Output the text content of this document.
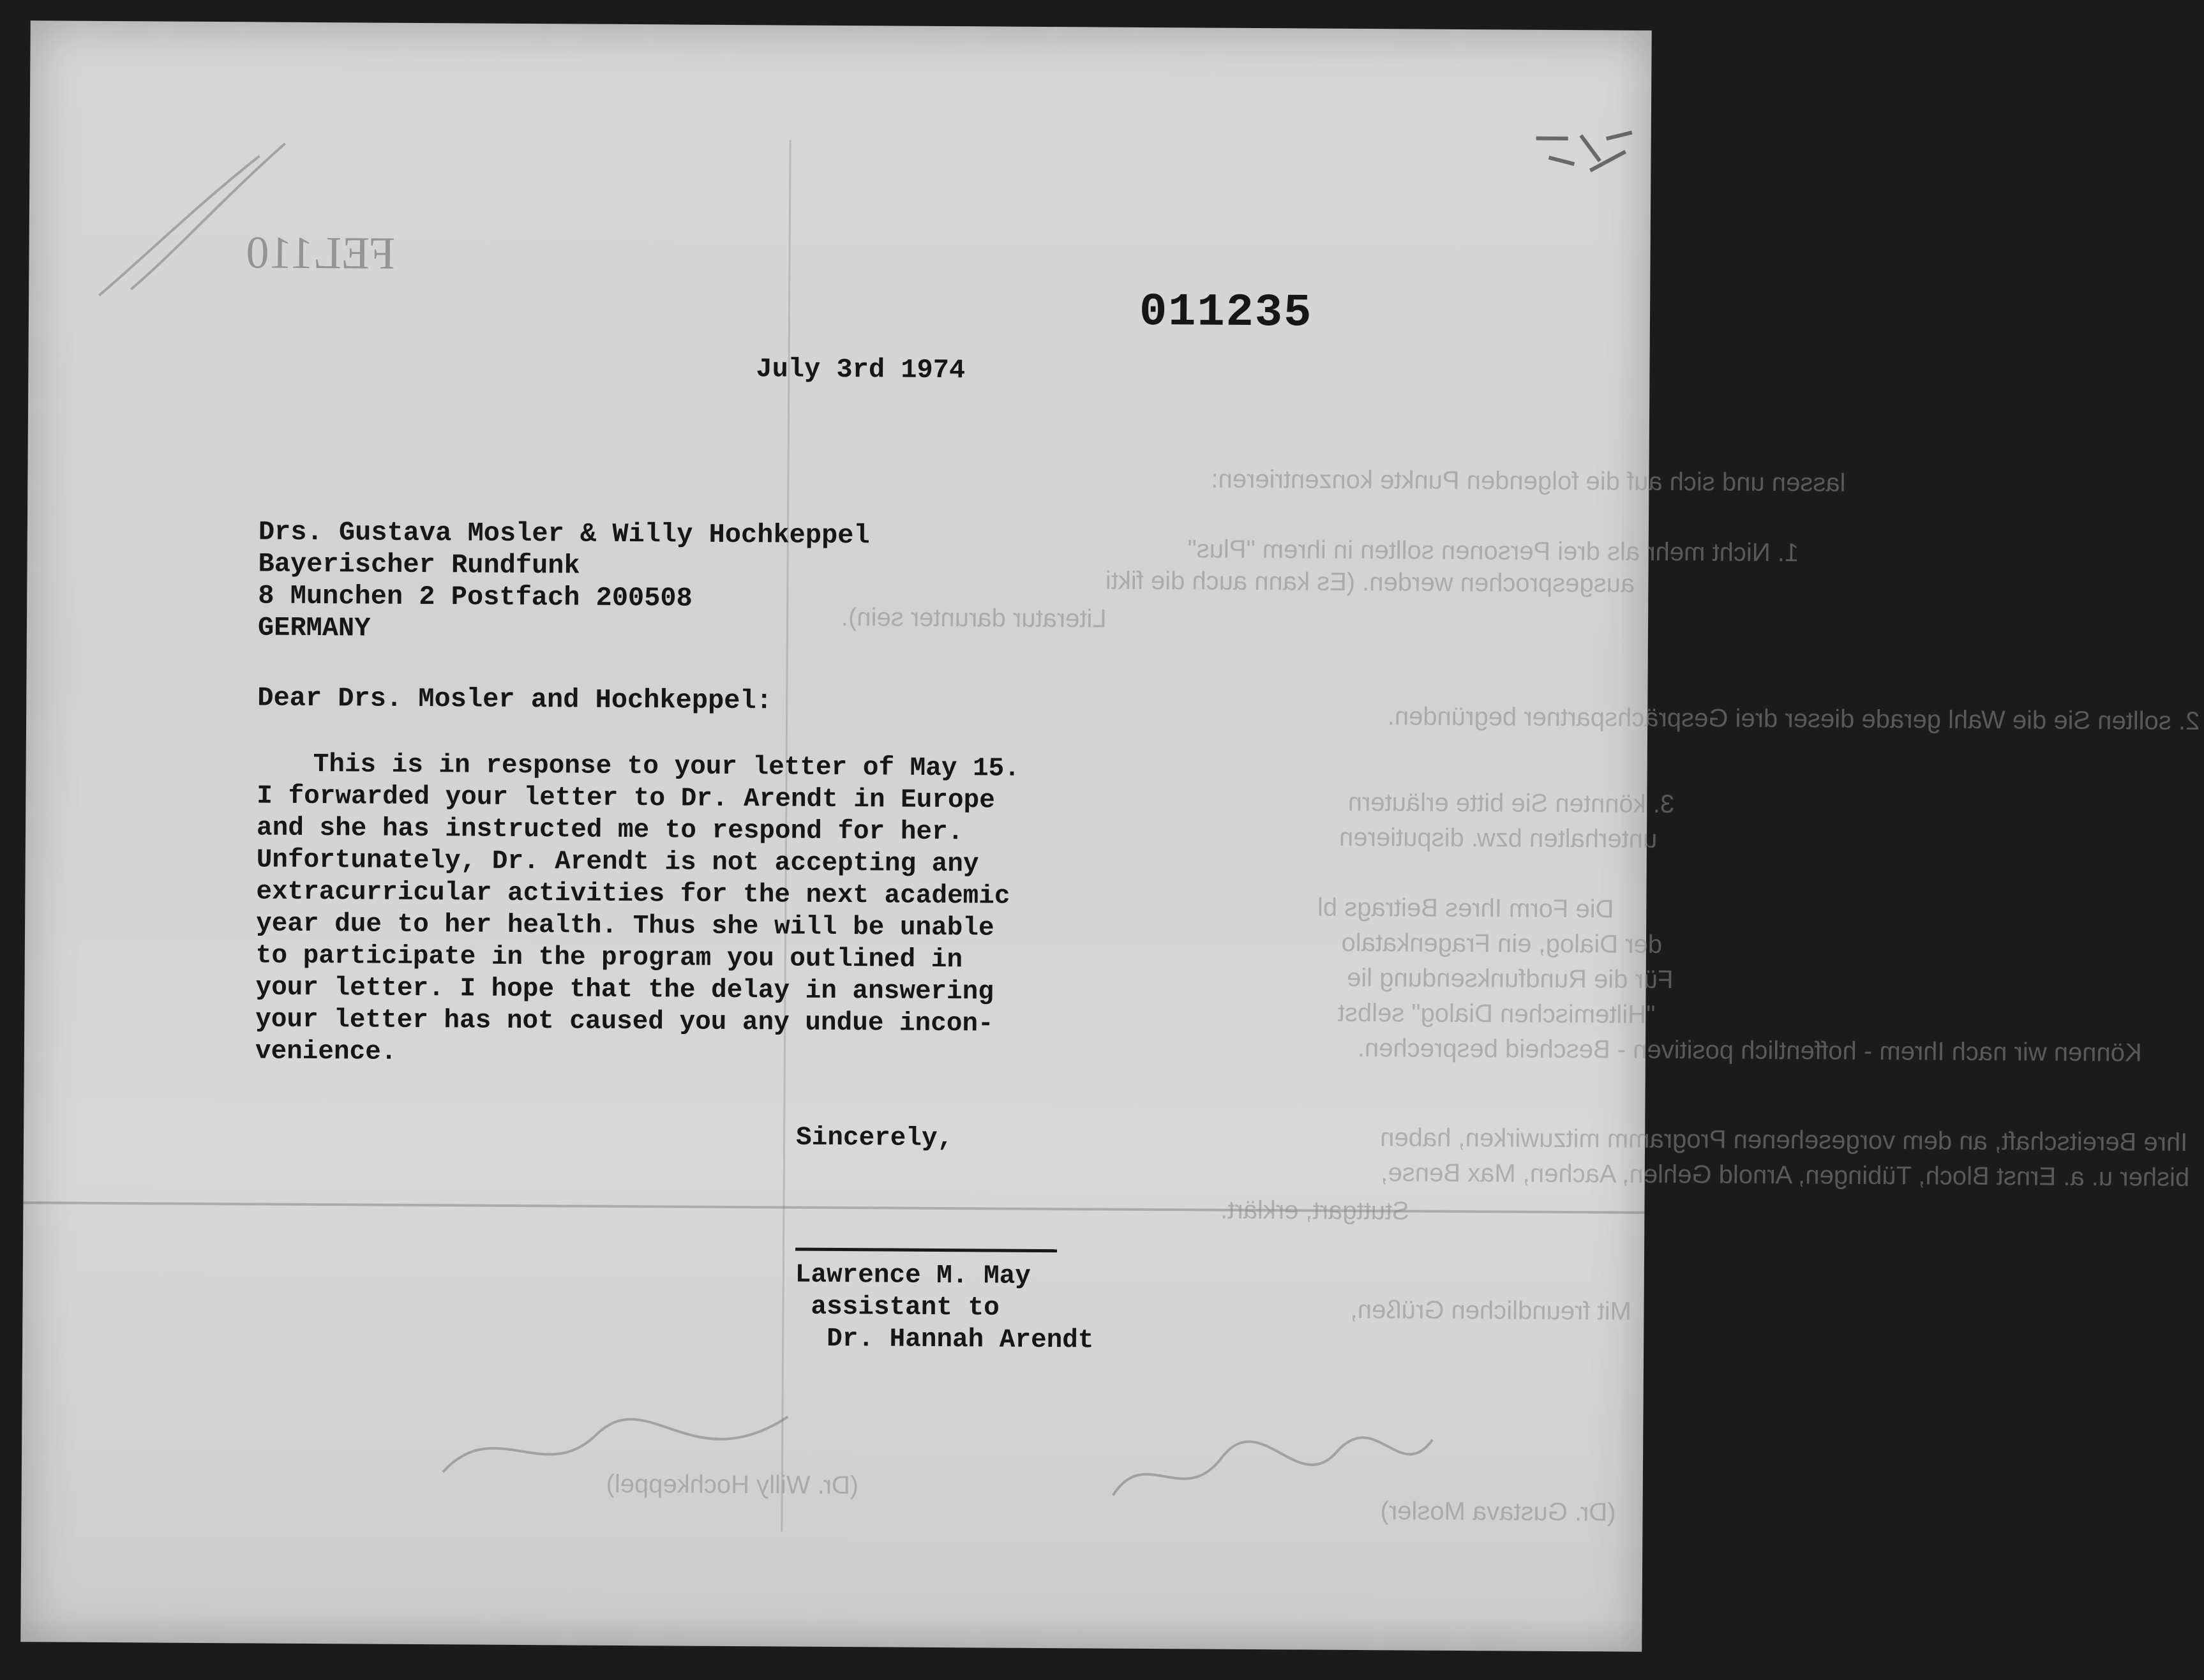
FEL110
lassen und sich auf die folgenden Punkte konzentrieren:
1. Nicht mehr als drei Personen sollten in ihrem "Plus"
ausgesprochen werden. (Es kann auch die fikti
Literatur darunter sein).
2. sollten Sie die Wahl gerade dieser drei Gesprächspartner begründen.
3. könnten Sie bitte erläutern
unterhalten bzw. disputieren
Die Form Ihres Beitrags bl
der Dialog, ein Fragenkatalo
Für die Rundfunksendung lie
"Hiltemischen Dialog" selbst
Können wir nach Ihrem - hoffentlich positiven - Bescheid besprechen.
Ihre Bereitschaft, an dem vorgesehenen Programm mitzuwirken, haben
bisher u. a. Ernst Bloch, Tübingen, Arnold Gehlen, Aachen, Max Bense,
Stuttgart, erklärt.
Mit freundlichen Grüßen,
(Dr. Gustava Mosler)
(Dr. Willy Hochkeppel)
011235
July 3rd 1974
Drs. Gustava Mosler & Willy Hochkeppel
Bayerischer Rundfunk
8 Munchen 2 Postfach 200508
GERMANY
Dear Drs. Mosler and Hochkeppel:
This is in response to your letter of May 15.
I forwarded your letter to Dr. Arendt in Europe
and she has instructed me to respond for her.
Unfortunately, Dr. Arendt is not accepting any
extracurricular activities for the next academic
year due to her health. Thus she will be unable
to participate in the program you outlined in
your letter. I hope that the delay in answering
your letter has not caused you any undue incon-
venience.
Sincerely,
Lawrence M. May
assistant to
Dr. Hannah Arendt
